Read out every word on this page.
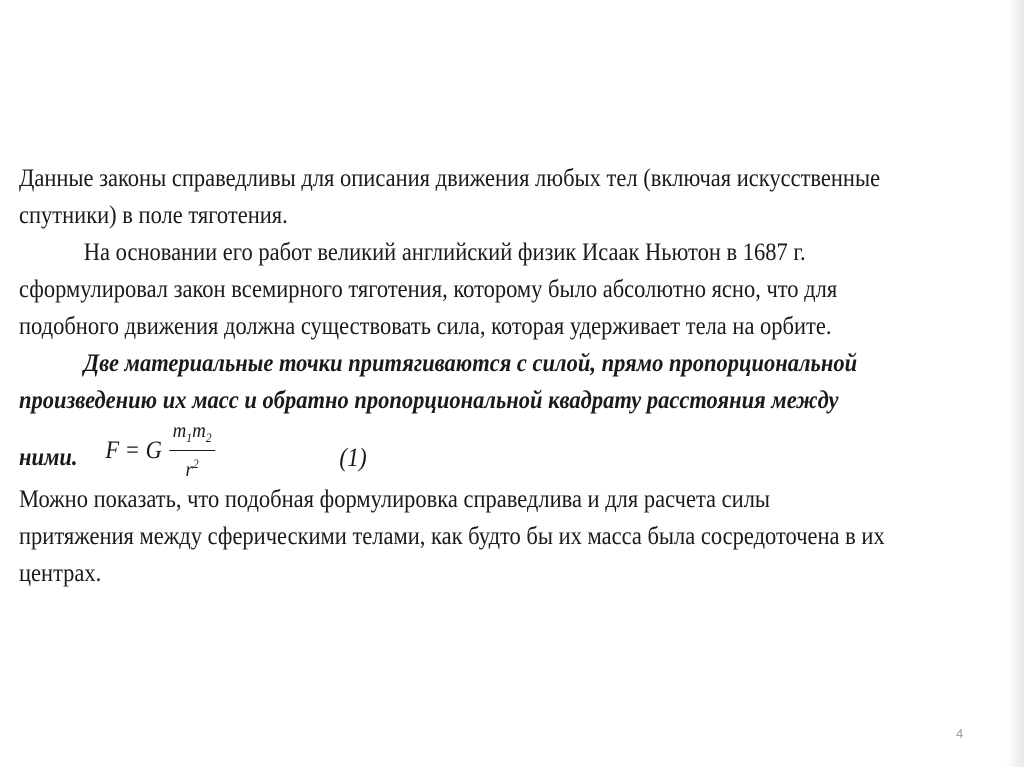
Данные законы справедливы для описания движения любых тел (включая искусственные
спутники) в поле тяготения.
На основании его работ великий английский физик Исаак Ньютон в 1687 г.
сформулировал закон всемирного тяготения, которому было абсолютно ясно, что для
подобного движения должна существовать сила, которая удерживает тела на орбите.
Две материальные точки притягиваются с силой, прямо пропорциональной
произведению их масс и обратно пропорциональной квадрату расстояния между
ними. F = G $\frac{m_1m_2}{r^2}$	(1)
Можно показать, что подобная формулировка справедлива и для расчета силы
притяжения между сферическими телами, как будто бы их масса была сосредоточена в их
центрах.
4
